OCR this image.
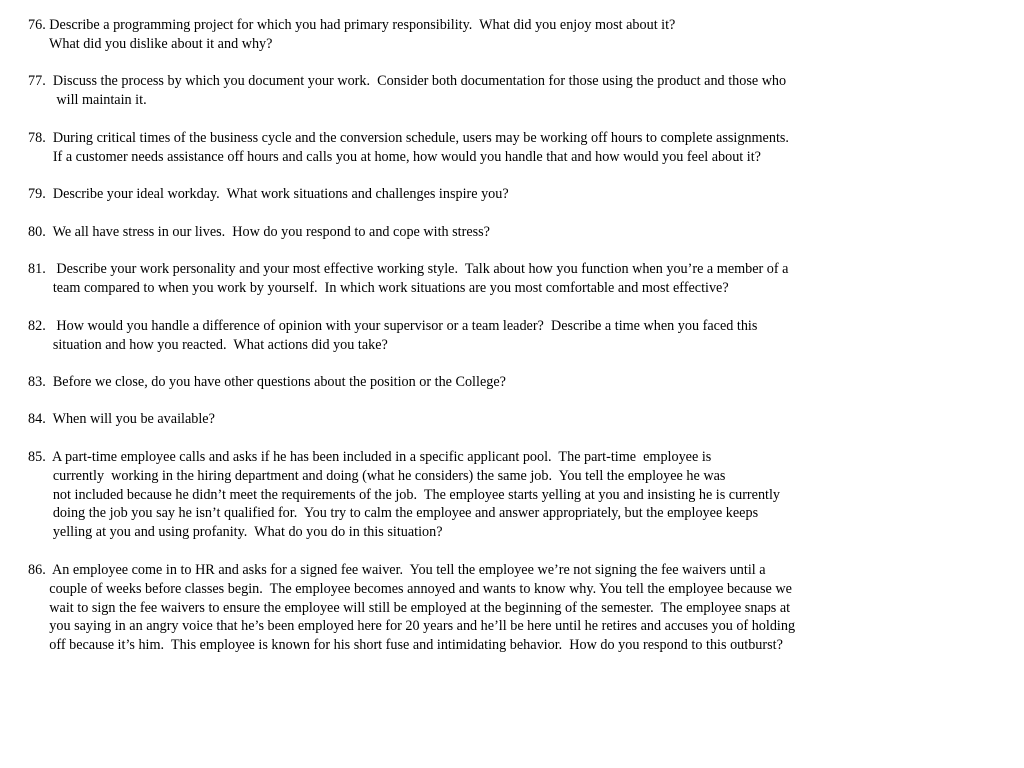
76. Describe a programming project for which you had primary responsibility.  What did you enjoy most about it?
What did you dislike about it and why?
77.  Discuss the process by which you document your work.  Consider both documentation for those using the product and those who
will maintain it.
78.  During critical times of the business cycle and the conversion schedule, users may be working off hours to complete assignments.
If a customer needs assistance off hours and calls you at home, how would you handle that and how would you feel about it?
79.  Describe your ideal workday.  What work situations and challenges inspire you?
80.  We all have stress in our lives.  How do you respond to and cope with stress?
81.   Describe your work personality and your most effective working style.  Talk about how you function when you’re a member of a
team compared to when you work by yourself.  In which work situations are you most comfortable and most effective?
82.   How would you handle a difference of opinion with your supervisor or a team leader?  Describe a time when you faced this
situation and how you reacted.  What actions did you take?
83.  Before we close, do you have other questions about the position or the College?
84.  When will you be available?
85.  A part-time employee calls and asks if he has been included in a specific applicant pool.  The part-time  employee is
currently  working in the hiring department and doing (what he considers) the same job.  You tell the employee he was
not included because he didn’t meet the requirements of the job.  The employee starts yelling at you and insisting he is currently
doing the job you say he isn’t qualified for.  You try to calm the employee and answer appropriately, but the employee keeps
yelling at you and using profanity.  What do you do in this situation?
86.  An employee come in to HR and asks for a signed fee waiver.  You tell the employee we’re not signing the fee waivers until a
couple of weeks before classes begin.  The employee becomes annoyed and wants to know why. You tell the employee because we
wait to sign the fee waivers to ensure the employee will still be employed at the beginning of the semester.  The employee snaps at
you saying in an angry voice that he’s been employed here for 20 years and he’ll be here until he retires and accuses you of holding
off because it’s him.  This employee is known for his short fuse and intimidating behavior.  How do you respond to this outburst?
